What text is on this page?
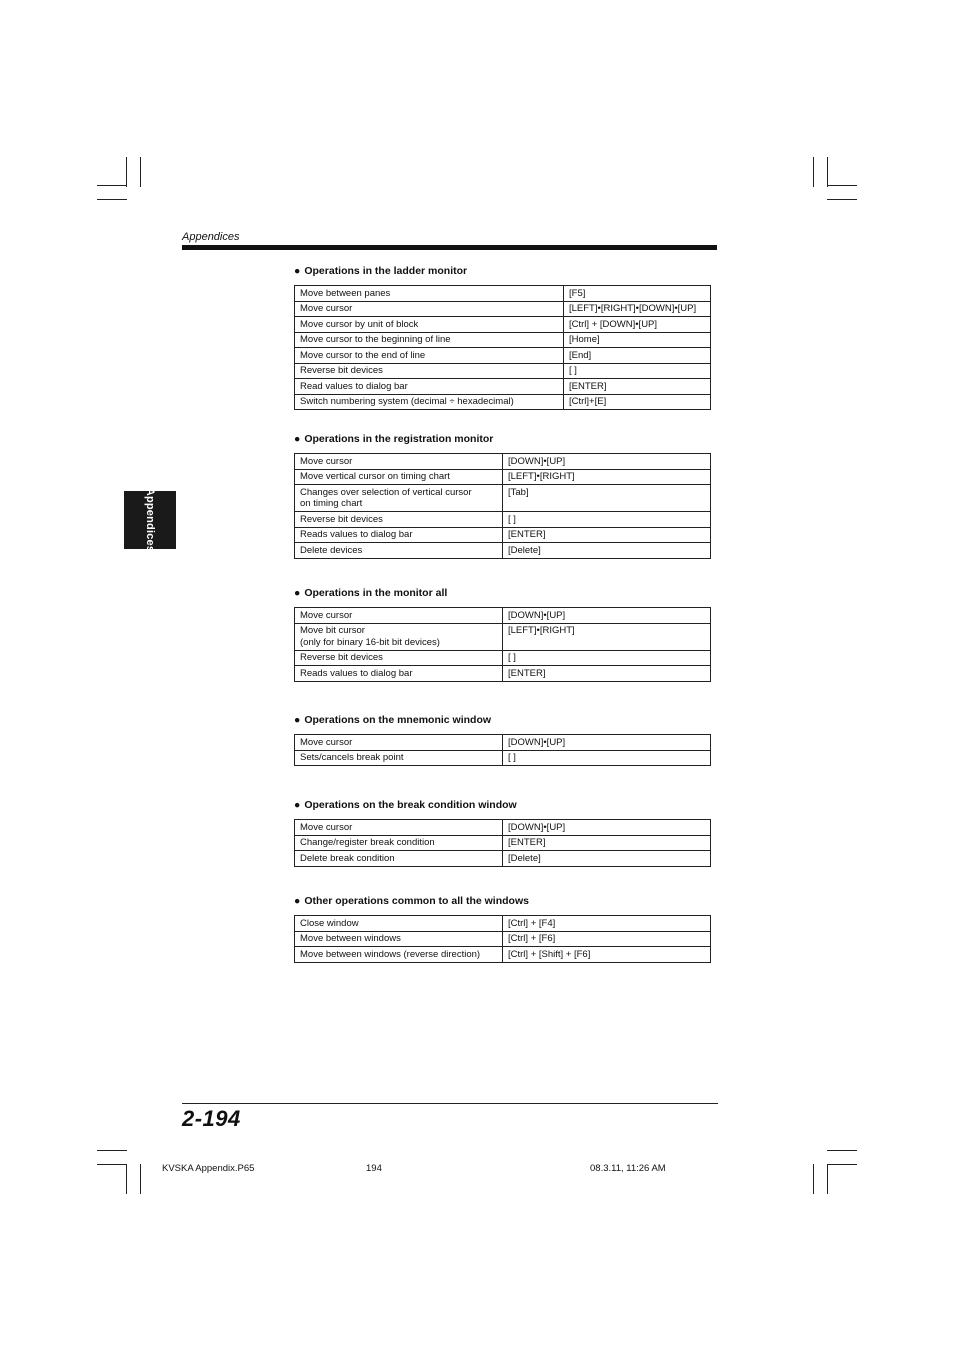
Appendices
Appendices
● Operations in the ladder monitor
Move between panes	[F5]
Move cursor	[LEFT]•[RIGHT]•[DOWN]•[UP]
Move cursor by unit of block	[Ctrl] + [DOWN]•[UP]
Move cursor to the beginning of line	[Home]
Move cursor to the end of line	[End]
Reverse bit devices	[ ]
Read values to dialog bar	[ENTER]
Switch numbering system (decimal ÷ hexadecimal)	[Ctrl]+[E]
● Operations in the registration monitor
Move cursor	[DOWN]•[UP]
Move vertical cursor on timing chart	[LEFT]•[RIGHT]
Changes over selection of vertical cursor
on timing chart	[Tab]
Reverse bit devices	[ ]
Reads values to dialog bar	[ENTER]
Delete devices	[Delete]
● Operations in the monitor all
Move cursor	[DOWN]•[UP]
Move bit cursor
(only for binary 16-bit bit devices)	[LEFT]•[RIGHT]
Reverse bit devices	[ ]
Reads values to dialog bar	[ENTER]
● Operations on the mnemonic window
Move cursor	[DOWN]•[UP]
Sets/cancels break point	[ ]
● Operations on the break condition window
Move cursor	[DOWN]•[UP]
Change/register break condition	[ENTER]
Delete break condition	[Delete]
● Other operations common to all the windows
Close window	[Ctrl] + [F4]
Move between windows	[Ctrl] + [F6]
Move between windows (reverse direction)	[Ctrl] + [Shift] + [F6]
2-194
KVSKA Appendix.P65	194	08.3.11, 11:26 AM
